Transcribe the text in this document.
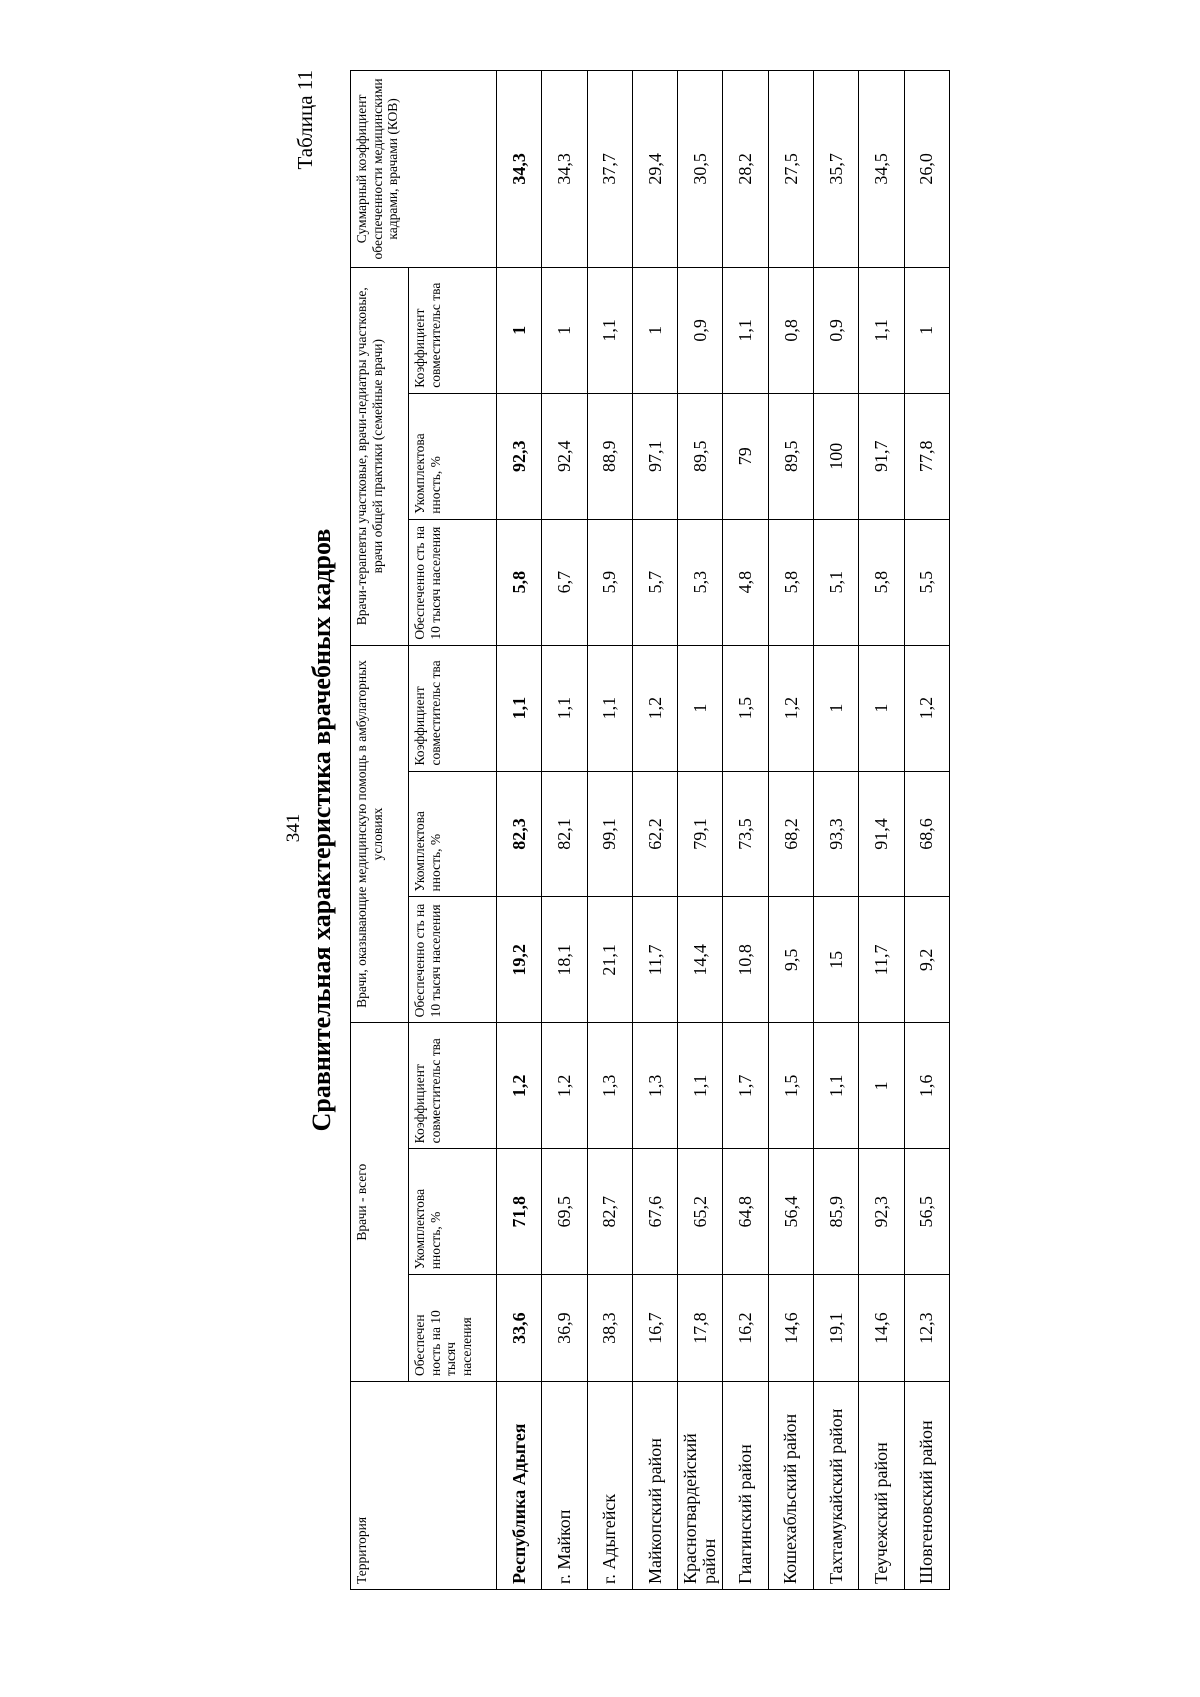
341
Таблица 11
Сравнительная характеристика врачебных кадров
Территория	Врачи - всего			Врачи, оказывающие медицинскую помощь в амбулаторных условиях			Врачи-терапевты участковые, врачи-педиатры участковые, врачи общей практики (семейные врачи)			Суммарный коэффициент обеспеченности медицинскими кадрами, врачами (КОВ)
	Обеспечен ность на 10 тысяч населения	Укомплектова нность, %	Коэффициент совместительс тва	Обеспеченно сть на 10 тысяч населения	Укомплектова нность, %	Коэффициент совместительс тва	Обеспеченно сть на 10 тысяч населения	Укомплектова нность, %	Коэффициент совместительс тва	
Республика Адыгея	33,6	71,8	1,2	19,2	82,3	1,1	5,8	92,3	1	34,3
г. Майкоп	36,9	69,5	1,2	18,1	82,1	1,1	6,7	92,4	1	34,3
г. Адыгейск	38,3	82,7	1,3	21,1	99,1	1,1	5,9	88,9	1,1	37,7
Майкопский район	16,7	67,6	1,3	11,7	62,2	1,2	5,7	97,1	1	29,4
Красногвардейский район	17,8	65,2	1,1	14,4	79,1	1	5,3	89,5	0,9	30,5
Гиагинский район	16,2	64,8	1,7	10,8	73,5	1,5	4,8	79	1,1	28,2
Кошехабльский район	14,6	56,4	1,5	9,5	68,2	1,2	5,8	89,5	0,8	27,5
Тахтамукайский район	19,1	85,9	1,1	15	93,3	1	5,1	100	0,9	35,7
Теучежский район	14,6	92,3	1	11,7	91,4	1	5,8	91,7	1,1	34,5
Шовгеновский район	12,3	56,5	1,6	9,2	68,6	1,2	5,5	77,8	1	26,0
